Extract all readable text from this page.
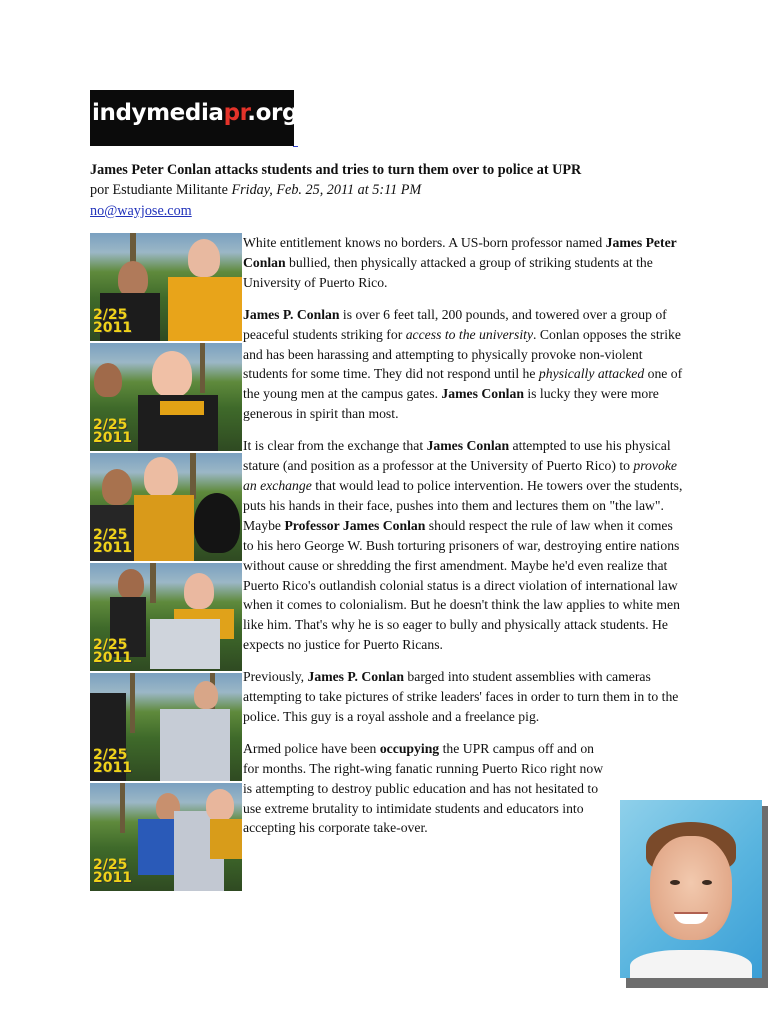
indymediapr.org
James Peter Conlan attacks students and tries to turn them over to police at UPR
por Estudiante Militante Friday, Feb. 25, 2011 at 5:11 PM
no@wayjose.com
2/25
2011
2/25
2011
2/25
2011
2/25
2011
2/25
2011
2/25
2011

White entitlement knows no borders. A US-born professor named James Peter Conlan bullied, then physically attacked a group of striking students at the University of Puerto Rico.

James P. Conlan is over 6 feet tall, 200 pounds, and towered over a group of peaceful students striking for access to the university. Conlan opposes the strike and has been harassing and attempting to physically provoke non-violent students for some time. They did not respond until he physically attacked one of the young men at the campus gates. James Conlan is lucky they were more generous in spirit than most.

It is clear from the exchange that James Conlan attempted to use his physical stature (and position as a professor at the University of Puerto Rico) to provoke an exchange that would lead to police intervention. He towers over the students, puts his hands in their face, pushes into them and lectures them on "the law". Maybe Professor James Conlan should respect the rule of law when it comes to his hero George W. Bush torturing prisoners of war, destroying entire nations without cause or shredding the first amendment. Maybe he'd even realize that Puerto Rico's outlandish colonial status is a direct violation of international law when it comes to colonialism. But he doesn't think the law applies to white men like him. That's why he is so eager to bully and physically attack students. He expects no justice for Puerto Ricans.

Previously, James P. Conlan barged into student assemblies with cameras attempting to take pictures of strike leaders' faces in order to turn them in to the police. This guy is a royal asshole and a freelance pig.

Armed police have been occupying the UPR campus off and on for months. The right-wing fanatic running Puerto Rico right now is attempting to destroy public education and has not hesitated to use extreme brutality to intimidate students and educators into accepting his corporate take-over.
